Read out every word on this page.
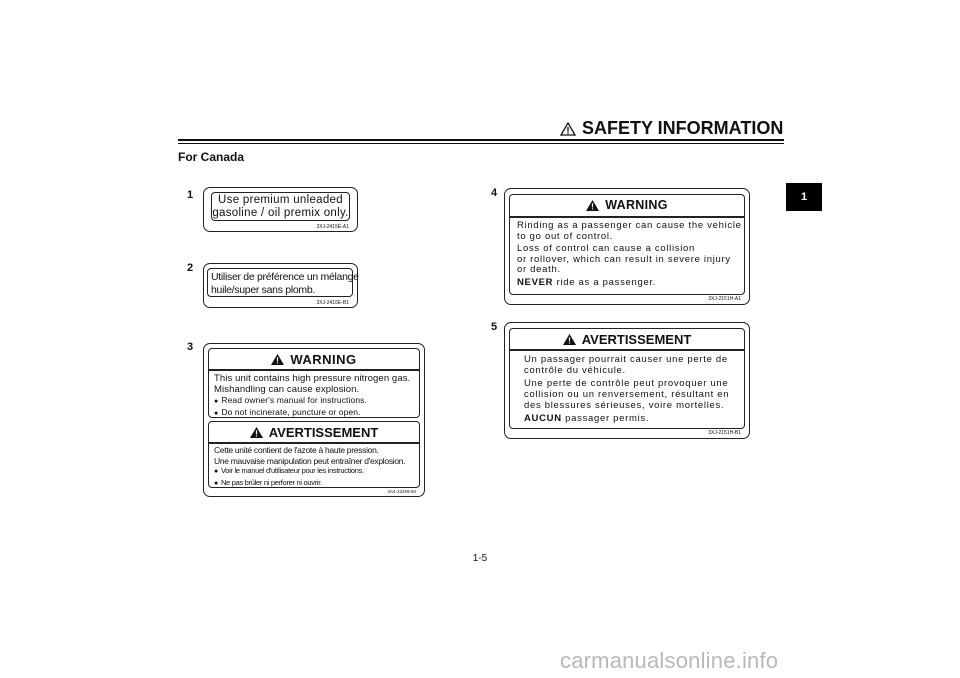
SAFETY INFORMATION
For Canada
1
1	Use premium unleaded
gasoline / oil premix only.
3XJ-2415E-A1
2
Utiliser de préférence un mélange
huile/super sans plomb.
3XJ-2415E-B1
3
WARNING
This unit contains high pressure nitrogen gas.
Mishandling can cause explosion.
● Read owner's manual for instructions.
● Do not incinerate, puncture or open.
AVERTISSEMENT
Cette unité contient de l'azote à haute pression.
Une mauvaise manipulation peut entraîner d'explosion.
● Voir le manuel d'utilisateur pour les instructions.
● Ne pas brûler ni perforer ni ouvrir.
4A4-22259-60
4
WARNING

Rinding as a passenger can cause the vehicle
to go out of control.

Loss of control can cause a collision
or rollover, which can result in severe injury
or death.

NEVER ride as a passenger.

3XJ-2151H-A1
5
AVERTISSEMENT

Un passager pourrait causer une perte de
contrôle du véhicule.

Une perte de contrôle peut provoquer une
collision ou un renversement, résultant en
des blessures sérieuses, voire mortelles.

AUCUN passager permis.

3XJ-2151H-B1
1-5
carmanualsonline.info
